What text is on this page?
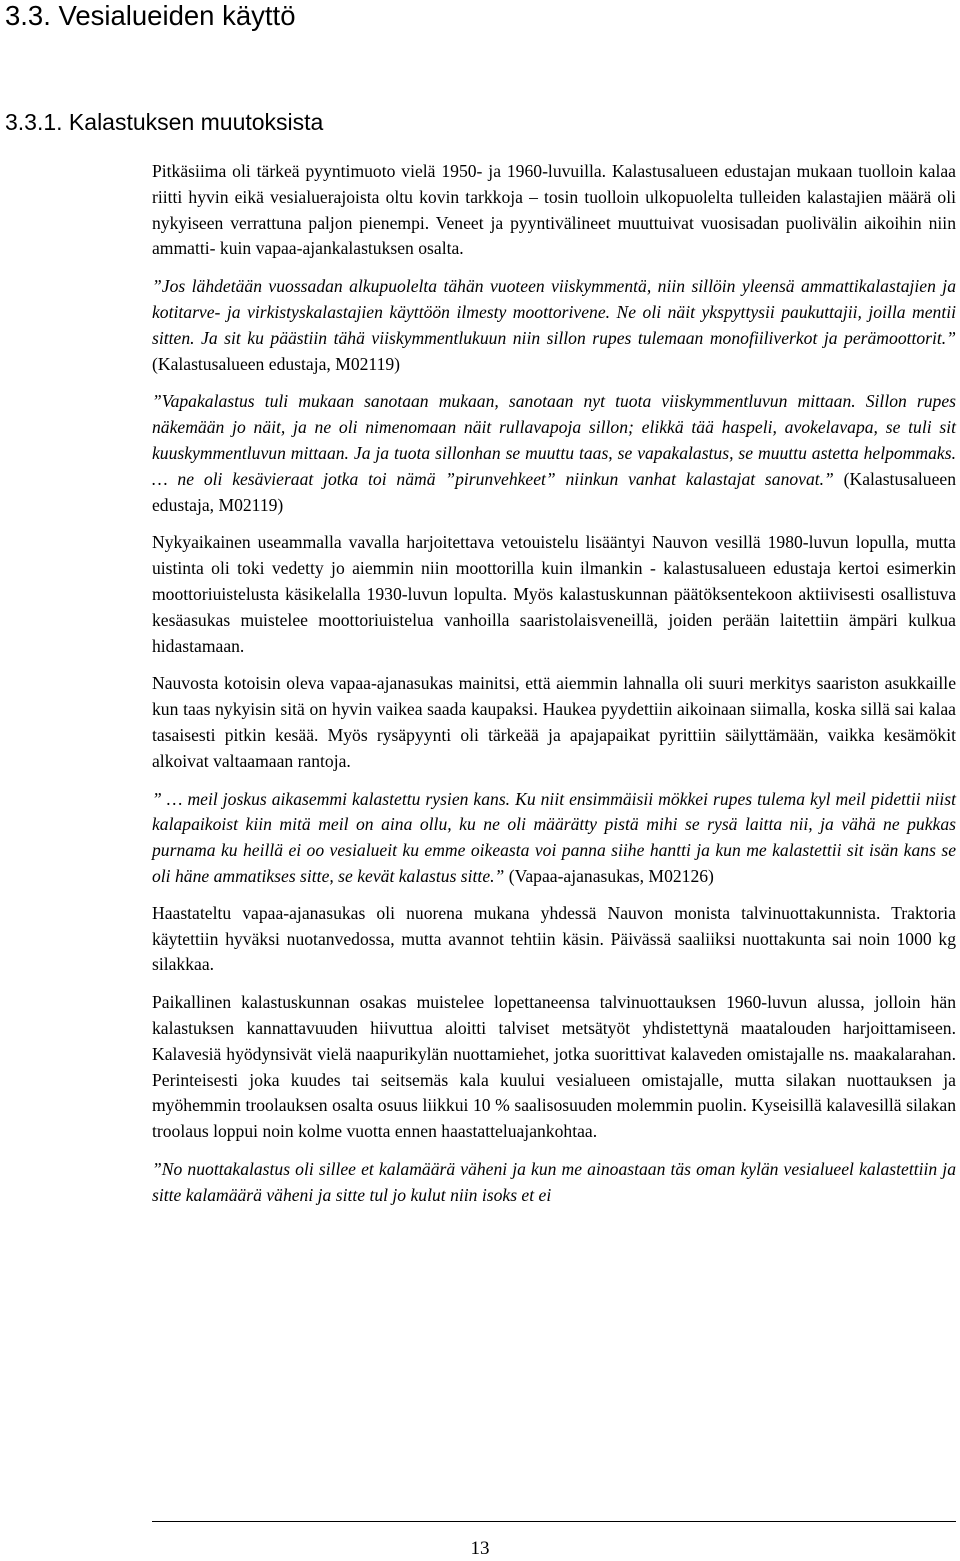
3.3. Vesialueiden käyttö
3.3.1. Kalastuksen muutoksista

Pitkäsiima oli tärkeä pyyntimuoto vielä 1950- ja 1960-luvuilla. Kalastusalueen edustajan mukaan tuolloin kalaa riitti hyvin eikä vesialuerajoista oltu kovin tarkkoja – tosin tuolloin ulkopuolelta tulleiden kalastajien määrä oli nykyiseen verrattuna paljon pienempi. Veneet ja pyyntivälineet muuttuivat vuosisadan puolivälin aikoihin niin ammatti- kuin vapaa-ajankalastuksen osalta.

”Jos lähdetään vuossadan alkupuolelta tähän vuoteen viiskymmentä, niin sillöin yleensä ammattikalastajien ja kotitarve- ja virkistyskalastajien käyttöön ilmesty moottorivene. Ne oli näit ykspyttysii paukuttajii, joilla mentii sitten. Ja sit ku päästiin tähä viiskymmentlukuun niin sillon rupes tulemaan monofiiliverkot ja perämoottorit.” (Kalastusalueen edustaja, M02119)

”Vapakalastus tuli mukaan sanotaan mukaan, sanotaan nyt tuota viiskymmentluvun mittaan. Sillon rupes näkemään jo näit, ja ne oli nimenomaan näit rullavapoja sillon; elikkä tää haspeli, avokelavapa, se tuli sit kuuskymmentluvun mittaan. Ja ja tuota sillonhan se muuttu taas, se vapakalastus, se muuttu astetta helpommaks. … ne oli kesävieraat jotka toi nämä ”pirunvehkeet” niinkun vanhat kalastajat sanovat.” (Kalastusalueen edustaja, M02119)

Nykyaikainen useammalla vavalla harjoitettava vetouistelu lisääntyi Nauvon vesillä 1980-luvun lopulla, mutta uistinta oli toki vedetty jo aiemmin niin moottorilla kuin ilmankin - kalastusalueen edustaja kertoi esimerkin moottoriuistelusta käsikelalla 1930-luvun lopulta. Myös kalastuskunnan päätöksentekoon aktiivisesti osallistuva kesäasukas muistelee moottoriuistelua vanhoilla saaristolaisveneillä, joiden perään laitettiin ämpäri kulkua hidastamaan.

Nauvosta kotoisin oleva vapaa-ajanasukas mainitsi, että aiemmin lahnalla oli suuri merkitys saariston asukkaille kun taas nykyisin sitä on hyvin vaikea saada kaupaksi. Haukea pyydettiin aikoinaan siimalla, koska sillä sai kalaa tasaisesti pitkin kesää. Myös rysäpyynti oli tärkeää ja apajapaikat pyrittiin säilyttämään, vaikka kesämökit alkoivat valtaamaan rantoja.

” … meil joskus aikasemmi kalastettu rysien kans. Ku niit ensimmäisii mökkei rupes tulema kyl meil pidettii niist kalapaikoist kiin mitä meil on aina ollu, ku ne oli määrätty pistä mihi se rysä laitta nii, ja vähä ne pukkas purnama ku heillä ei oo vesialueit ku emme oikeasta voi panna siihe hantti ja kun me kalastettii sit isän kans se oli häne ammatikses sitte, se kevät kalastus sitte.” (Vapaa-ajanasukas, M02126)

Haastateltu vapaa-ajanasukas oli nuorena mukana yhdessä Nauvon monista talvinuottakunnista. Traktoria käytettiin hyväksi nuotanvedossa, mutta avannot tehtiin käsin. Päivässä saaliiksi nuottakunta sai noin 1000 kg silakkaa.

Paikallinen kalastuskunnan osakas muistelee lopettaneensa talvinuottauksen 1960-luvun alussa, jolloin hän kalastuksen kannattavuuden hiivuttua aloitti talviset metsätyöt yhdistettynä maatalouden harjoittamiseen. Kalavesiä hyödynsivät vielä naapurikylän nuottamiehet, jotka suorittivat kalaveden omistajalle ns. maakalarahan. Perinteisesti joka kuudes tai seitsemäs kala kuului vesialueen omistajalle, mutta silakan nuottauksen ja myöhemmin troolauksen osalta osuus liikkui 10 % saalisosuuden molemmin puolin. Kyseisillä kalavesillä silakan troolaus loppui noin kolme vuotta ennen haastatteluajankohtaa.

”No nuottakalastus oli sillee et kalamäärä väheni ja kun me ainoastaan täs oman kylän vesialueel kalastettiin ja sitte kalamäärä väheni ja sitte tul jo kulut niin isoks et ei

13
